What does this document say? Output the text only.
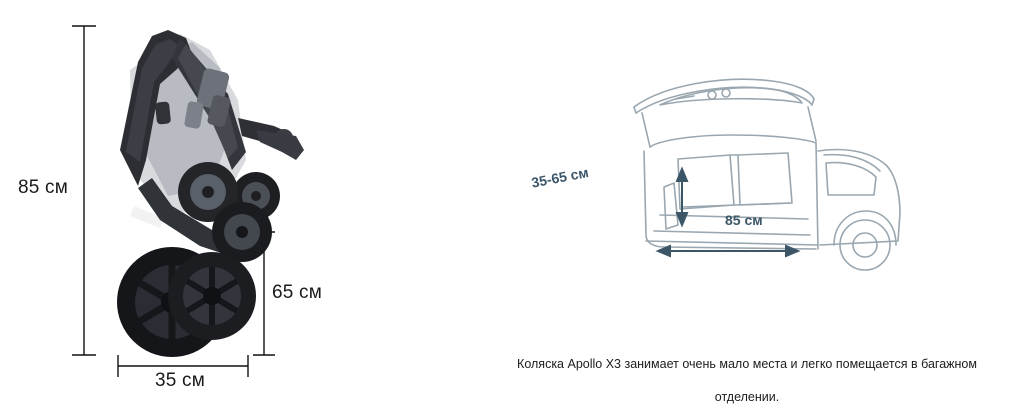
85 см
65 см
35 см
35-65 см
85 см
Коляска Apollo X3 занимает очень мало места и легко помещается в багажном
отделении.
